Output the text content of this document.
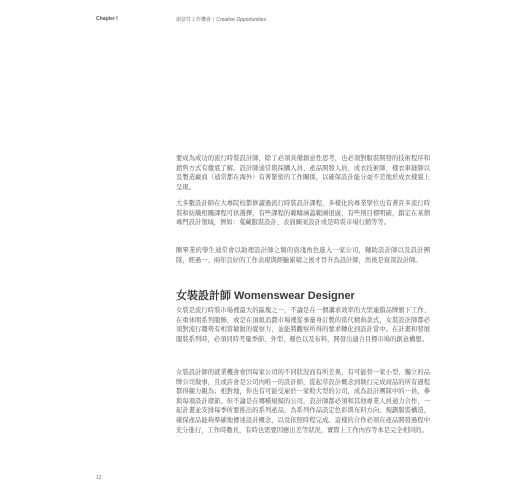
Chapter I	創意性工作機會 | Creative Opportunities

要成為成功的流行時裝設計師，除了必須具備創意性思考，也必須對服裝開發的技術程序和銷售方式有徹底了解。設計師通常與採購人員、產品開發人員、成衣技術師、樣衣車縫師以及製造廠商（通常都在海外）有著緊密的工作關係，以確保設計能分毫不差地於成衣樣貌上呈現。

大多數設計師在大專院校都修讀過流行時裝設計課程，多樣化的專業學位也有著許多流行時裝和紡織相關課程可供選擇，有些課程的範疇涵蓋範圍很廣，有些則目標明確，鎖定在某個專門設計領域，例如：蒐藏服裝設計、表面圖案設計或是時裝市場行銷等等。

剛畢業的學生通常會以助理設計師之類的資淺角色進入一家公司，輔助設計師以及設計團隊，經過一、兩年良好的工作表現與經驗累積之後才晉升為設計師，然後是資深設計師。

女裝設計師 Womenswear Designer

女裝是流行時裝市場裡最大的區塊之一，不論是在一個講求效率的大型連鎖品牌旗下工作、在重休閒系列服飾，或是在頂級消費市場裡從事量身訂製的當代精典款式，女裝設計師都必須對流行趨勢有相當敏銳的覺察力，並能將觀察所得的要求轉化到設計當中。在計畫和發展服裝系列時，必須同時考量季節、外型、顏色以及布料，開發出適合目標市場的創意構想。

女裝設計師的就業機會會因每家公司的不同狀況而有所差異，有可能替一家小型、獨立的品牌公司做事，且或許會是公司內唯一的設計師，從起草設計概念到執行完成商品的所有過程都得親力親為；相對地，你也有可能受雇於一家較大型的公司，成為設計團隊中的一員，參與每項設計環節。但不論是在哪種規模的公司，設計師都必須和其他專業人員通力合作，一起計畫並安排每季所要推出的系列產品，為系列作品設定色彩與布料方向、規劃服裝構造，確保產品能夠準確地傳達設計概念，以及依照時程完成。這樣的合作必須在產品開發過程中充分進行，工作時數長，有時也需要因應出差等狀況，實際上工作內容等本是完全相同的。

12
